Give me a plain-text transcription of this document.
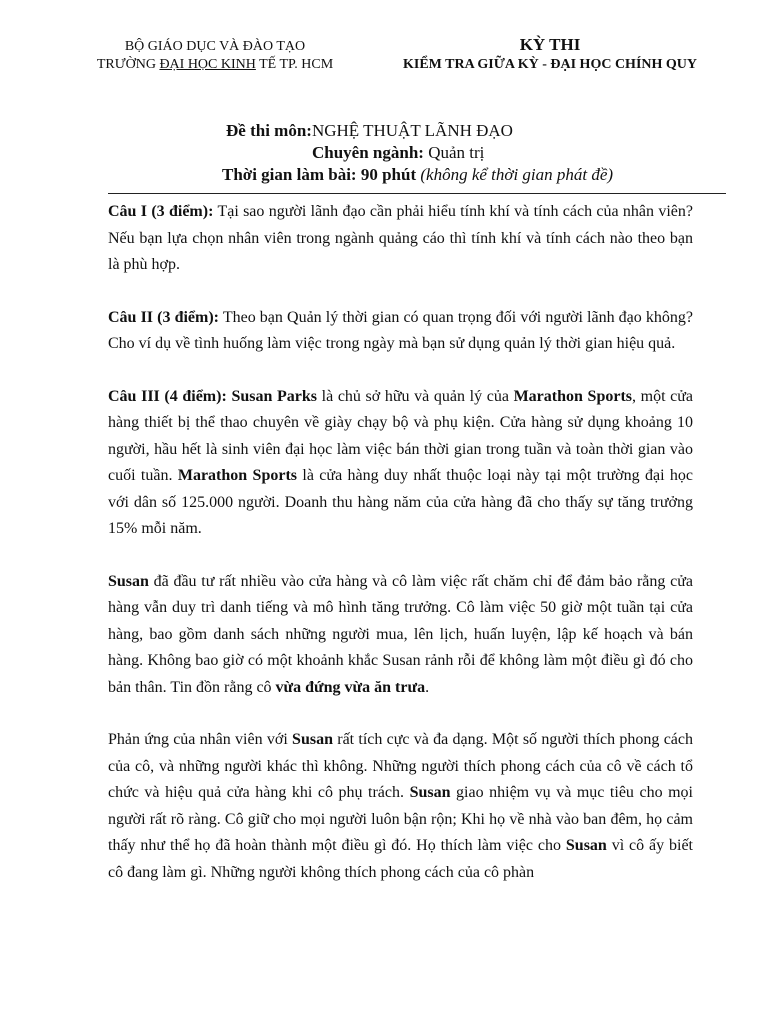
BỘ GIÁO DỤC VÀ ĐÀO TẠO
TRƯỜNG ĐẠI HỌC KINH TẾ TP. HCM
KỲ THI
KIỂM TRA GIỮA KỲ - ĐẠI HỌC CHÍNH QUY
Đề thi môn:NGHỆ THUẬT LÃNH ĐẠO
Chuyên ngành: Quản trị
Thời gian làm bài: 90 phút (không kể thời gian phát đề)

Câu I (3 điểm): Tại sao người lãnh đạo cần phải hiểu tính khí và tính cách của nhân viên? Nếu bạn lựa chọn nhân viên trong ngành quảng cáo thì tính khí và tính cách nào theo bạn là phù hợp.

Câu II (3 điểm): Theo bạn Quản lý thời gian có quan trọng đối với người lãnh đạo không? Cho ví dụ về tình huống làm việc trong ngày mà bạn sử dụng quản lý thời gian hiệu quả.

Câu III (4 điểm): Susan Parks là chủ sở hữu và quản lý của Marathon Sports, một cửa hàng thiết bị thể thao chuyên về giày chạy bộ và phụ kiện. Cửa hàng sử dụng khoảng 10 người, hầu hết là sinh viên đại học làm việc bán thời gian trong tuần và toàn thời gian vào cuối tuần. Marathon Sports là cửa hàng duy nhất thuộc loại này tại một trường đại học với dân số 125.000 người. Doanh thu hàng năm của cửa hàng đã cho thấy sự tăng trưởng 15% mỗi năm.

Susan đã đầu tư rất nhiều vào cửa hàng và cô làm việc rất chăm chỉ để đảm bảo rằng cửa hàng vẫn duy trì danh tiếng và mô hình tăng trưởng. Cô làm việc 50 giờ một tuần tại cửa hàng, bao gồm danh sách những người mua, lên lịch, huấn luyện, lập kế hoạch và bán hàng. Không bao giờ có một khoảnh khắc Susan rảnh rỗi để không làm một điều gì đó cho bản thân. Tin đồn rằng cô vừa đứng vừa ăn trưa.

Phản ứng của nhân viên với Susan rất tích cực và đa dạng. Một số người thích phong cách của cô, và những người khác thì không. Những người thích phong cách của cô về cách tổ chức và hiệu quả cửa hàng khi cô phụ trách. Susan giao nhiệm vụ và mục tiêu cho mọi người rất rõ ràng. Cô giữ cho mọi người luôn bận rộn; Khi họ về nhà vào ban đêm, họ cảm thấy như thể họ đã hoàn thành một điều gì đó. Họ thích làm việc cho Susan vì cô ấy biết cô đang làm gì. Những người không thích phong cách của cô phàn
